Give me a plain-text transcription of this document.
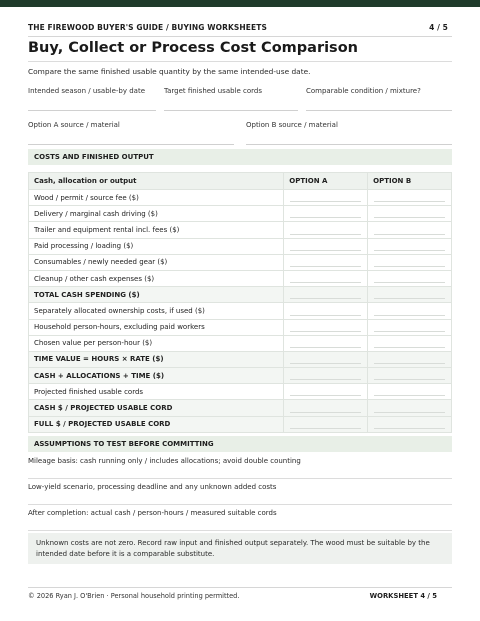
THE FIREWOOD BUYER'S GUIDE / BUYING WORKSHEETS	4 / 5
Buy, Collect or Process Cost Comparison
Compare the same finished usable quantity by the same intended-use date.
Intended season / usable-by date	Target finished usable cords	Comparable condition / mixture?
Option A source / material	Option B source / material
COSTS AND FINISHED OUTPUT
Cash, allocation or output	OPTION A	OPTION B
Wood / permit / source fee ($)		
Delivery / marginal cash driving ($)		
Trailer and equipment rental incl. fees ($)		
Paid processing / loading ($)		
Consumables / newly needed gear ($)		
Cleanup / other cash expenses ($)		
TOTAL CASH SPENDING ($)		
Separately allocated ownership costs, if used ($)		
Household person-hours, excluding paid workers		
Chosen value per person-hour ($)		
TIME VALUE = HOURS × RATE ($)		
CASH + ALLOCATIONS + TIME ($)		
Projected finished usable cords		
CASH $ / PROJECTED USABLE CORD		
FULL $ / PROJECTED USABLE CORD		
ASSUMPTIONS TO TEST BEFORE COMMITTING
Mileage basis: cash running only / includes allocations; avoid double counting
Low-yield scenario, processing deadline and any unknown added costs
After completion: actual cash / person-hours / measured suitable cords
Unknown costs are not zero. Record raw input and finished output separately. The wood must be suitable by the intended date before it is a comparable substitute.
© 2026 Ryan J. O'Brien · Personal household printing permitted.	WORKSHEET 4 / 5
